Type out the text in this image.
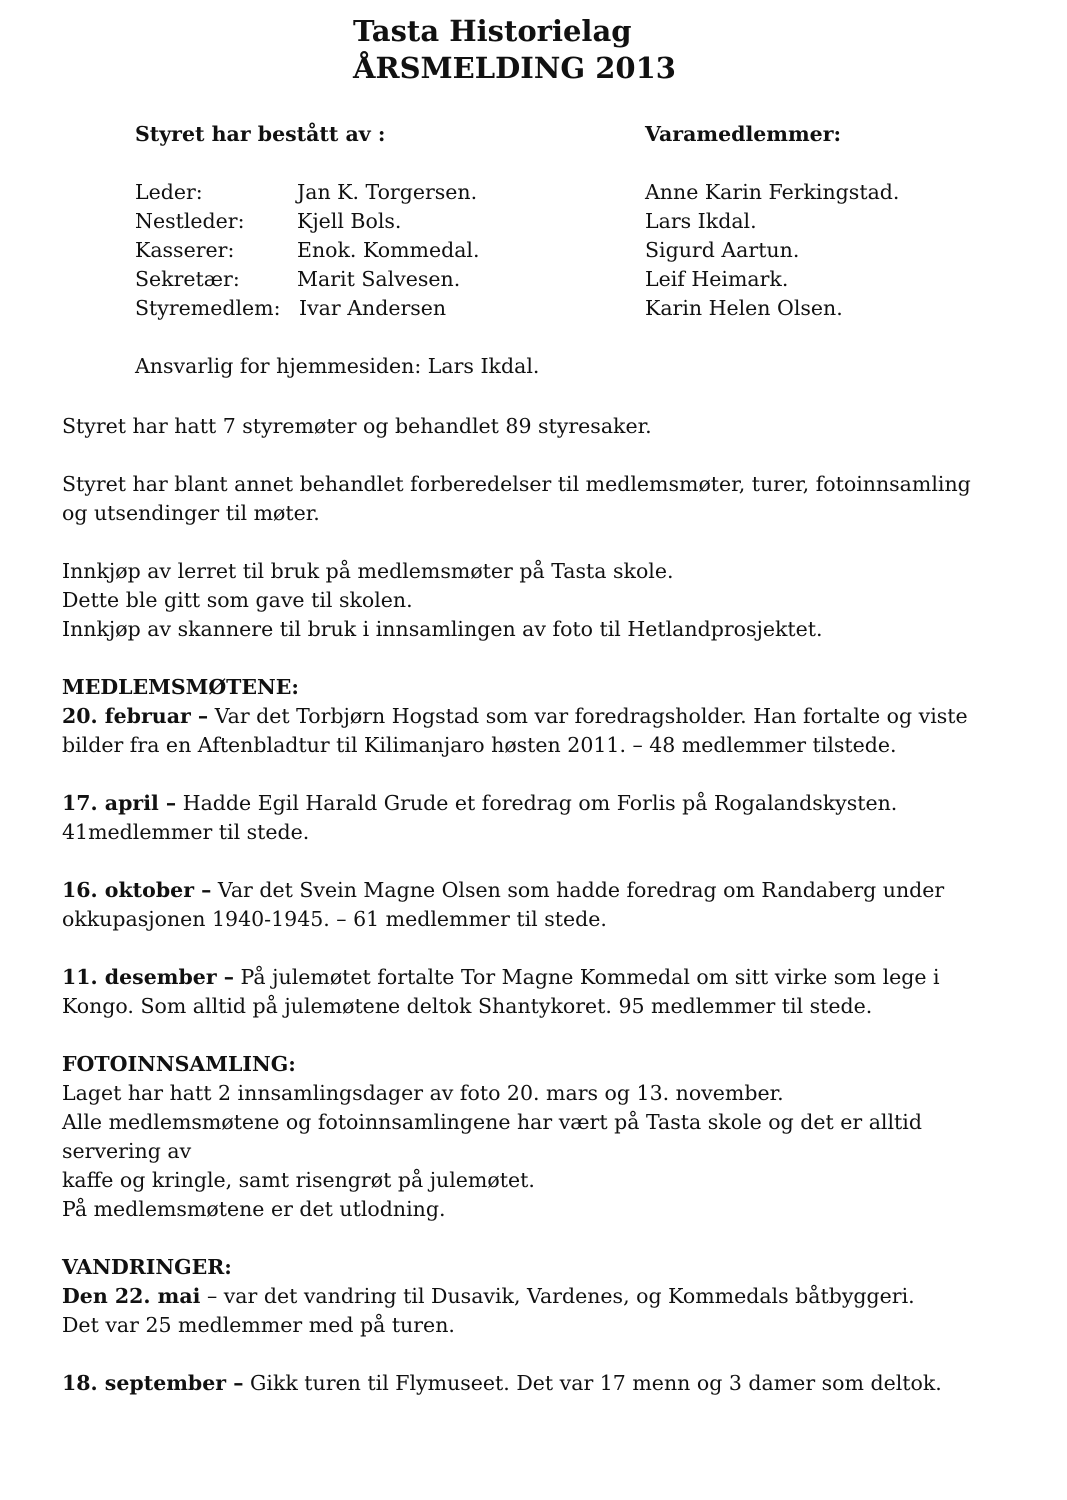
Tasta Historielag
ÅRSMELDING 2013
Styret har bestått av :	Varamedlemmer:
Leder:	Jan K. Torgersen.	Anne Karin Ferkingstad.
Nestleder:	Kjell Bols.	Lars Ikdal.
Kasserer:	Enok. Kommedal.	Sigurd Aartun.
Sekretær:	Marit Salvesen.	Leif Heimark.
Styremedlem: Ivar Andersen	Karin Helen Olsen.
Ansvarlig for hjemmesiden: Lars Ikdal.
Styret har hatt 7 styremøter og behandlet 89 styresaker.
Styret har blant annet behandlet forberedelser til medlemsmøter, turer, fotoinnsamling
og utsendinger til møter.
Innkjøp av lerret til bruk på medlemsmøter på Tasta skole.
Dette ble gitt som gave til skolen.
Innkjøp av skannere til bruk i innsamlingen av foto til Hetlandprosjektet.
MEDLEMSMØTENE:
20. februar – Var det Torbjørn Hogstad som var foredragsholder. Han fortalte og viste
bilder fra en Aftenbladtur til Kilimanjaro høsten 2011. – 48 medlemmer tilstede.
17. april – Hadde Egil Harald Grude et foredrag om Forlis på Rogalandskysten.
41medlemmer til stede.
16. oktober – Var det Svein Magne Olsen som hadde foredrag om Randaberg under
okkupasjonen 1940-1945. – 61 medlemmer til stede.
11. desember – På julemøtet fortalte Tor Magne Kommedal om sitt virke som lege i
Kongo. Som alltid på julemøtene deltok Shantykoret. 95 medlemmer til stede.
FOTOINNSAMLING:
Laget har hatt 2 innsamlingsdager av foto 20. mars og 13. november.
Alle medlemsmøtene og fotoinnsamlingene har vært på Tasta skole og det er alltid
servering av
kaffe og kringle, samt risengrøt på julemøtet.
På medlemsmøtene er det utlodning.
VANDRINGER:
Den 22. mai – var det vandring til Dusavik, Vardenes, og Kommedals båtbyggeri.
Det var 25 medlemmer med på turen.
18. september – Gikk turen til Flymuseet. Det var 17 menn og 3 damer som deltok.
